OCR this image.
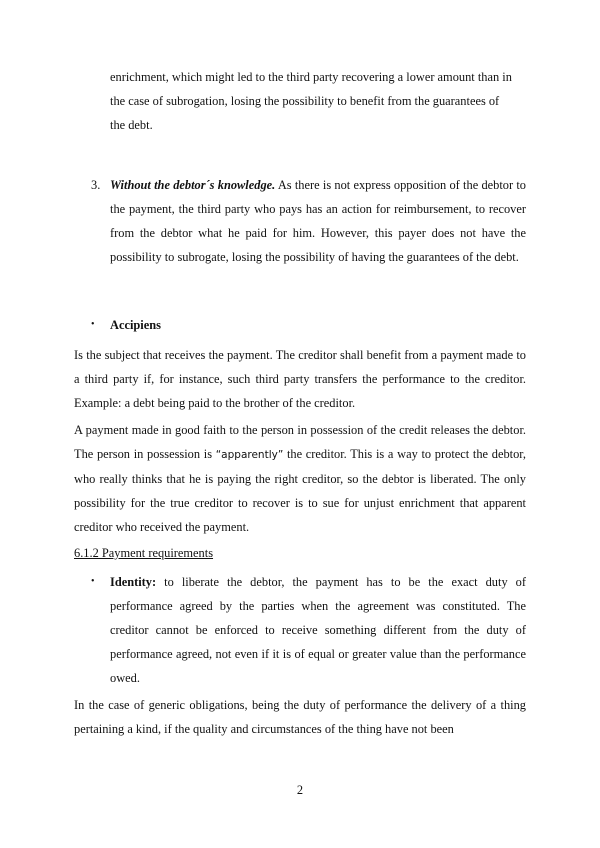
enrichment, which might led to the third party recovering a lower amount than in
the case of subrogation, losing the possibility to benefit from the guarantees of
the debt.
3. Without the debtor´s knowledge. As there is not express opposition of the debtor to the payment, the third party who pays has an action for reimbursement, to recover from the debtor what he paid for him. However, this payer does not have the possibility to subrogate, losing the possibility of having the guarantees of the debt.

• Accipiens

Is the subject that receives the payment. The creditor shall benefit from a payment made to a third party if, for instance, such third party transfers the performance to the creditor. Example: a debt being paid to the brother of the creditor.

A payment made in good faith to the person in possession of the credit releases the debtor. The person in possession is “apparently” the creditor. This is a way to protect the debtor, who really thinks that he is paying the right creditor, so the debtor is liberated. The only possibility for the true creditor to recover is to sue for unjust enrichment that apparent creditor who received the payment.

6.1.2 Payment requirements

• Identity: to liberate the debtor, the payment has to be the exact duty of performance agreed by the parties when the agreement was constituted. The creditor cannot be enforced to receive something different from the duty of performance agreed, not even if it is of equal or greater value than the performance owed.

In the case of generic obligations, being the duty of performance the delivery of a thing pertaining a kind, if the quality and circumstances of the thing have not been

2
